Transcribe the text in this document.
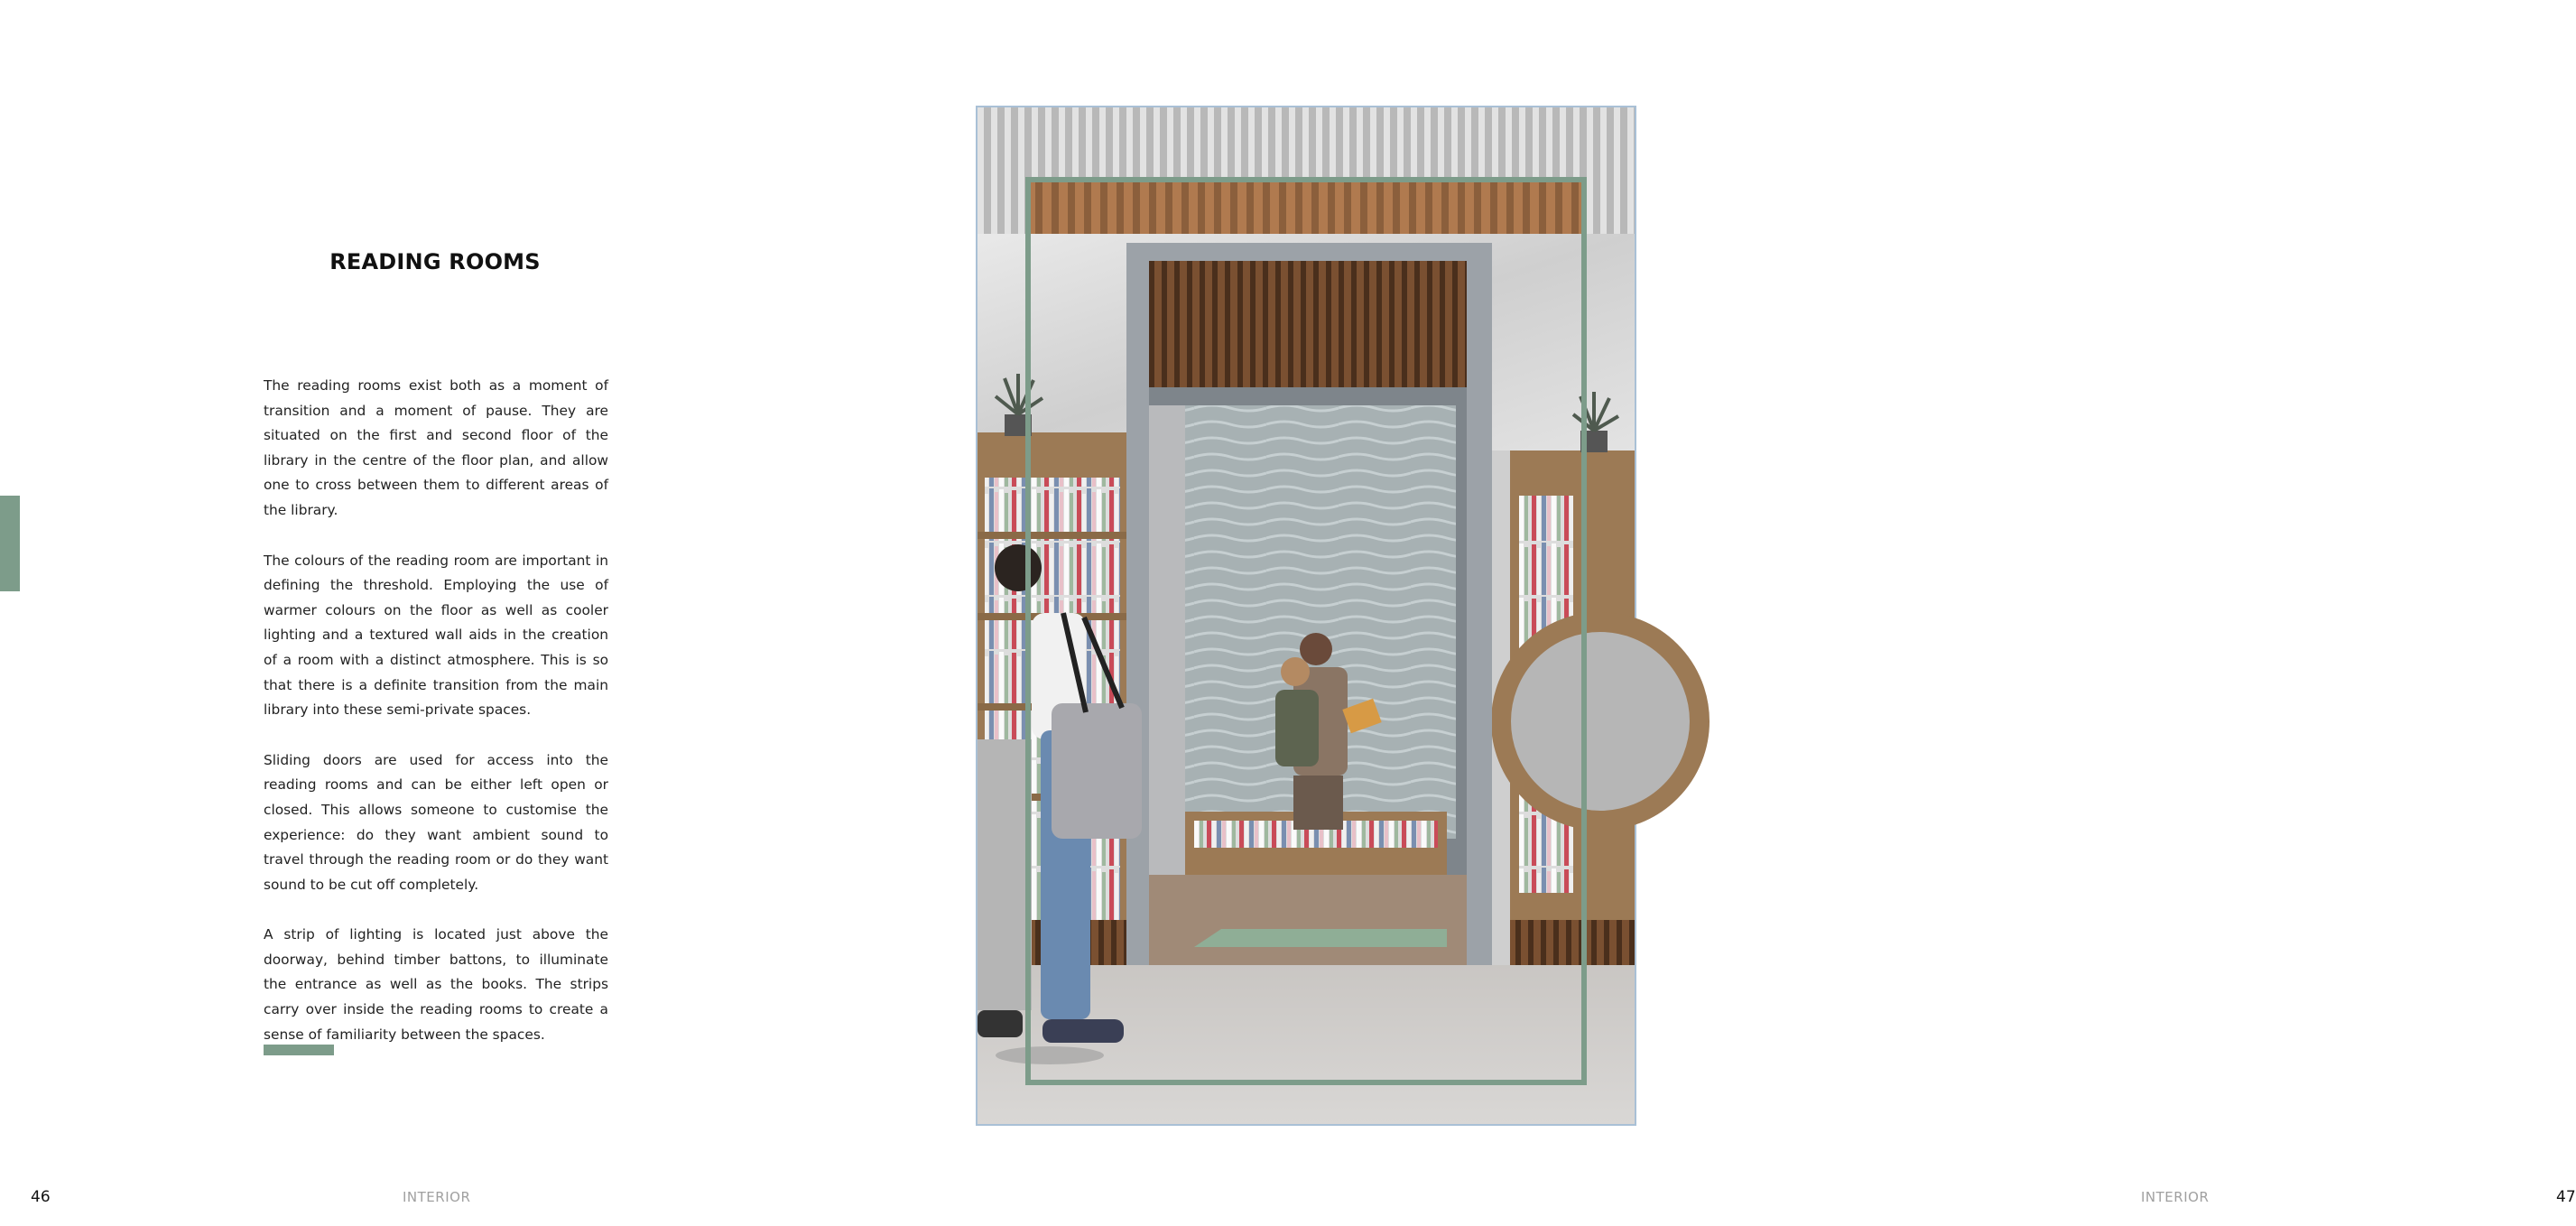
READING ROOMS

The reading rooms exist both as a moment of transition and a moment of pause. They are situated on the first and second floor of the library in the centre of the floor plan, and allow one to cross between them to different areas of the library.

The colours of the reading room are important in defining the threshold. Employing the use of warmer colours on the floor as well as cooler lighting and a textured wall aids in the creation of a room with a distinct atmosphere. This is so that there is a definite transition from the main library into these semi-private spaces.

Sliding doors are used for access into the reading rooms and can be either left open or closed. This allows someone to customise the experience: do they want ambient sound to travel through the reading room or do they want sound to be cut off completely.

A strip of lighting is located just above the doorway, behind timber battons, to illuminate the entrance as well as the books. The strips carry over inside the reading rooms to create a sense of familiarity between the spaces.

46	INTERIOR	47
INTERIOR
